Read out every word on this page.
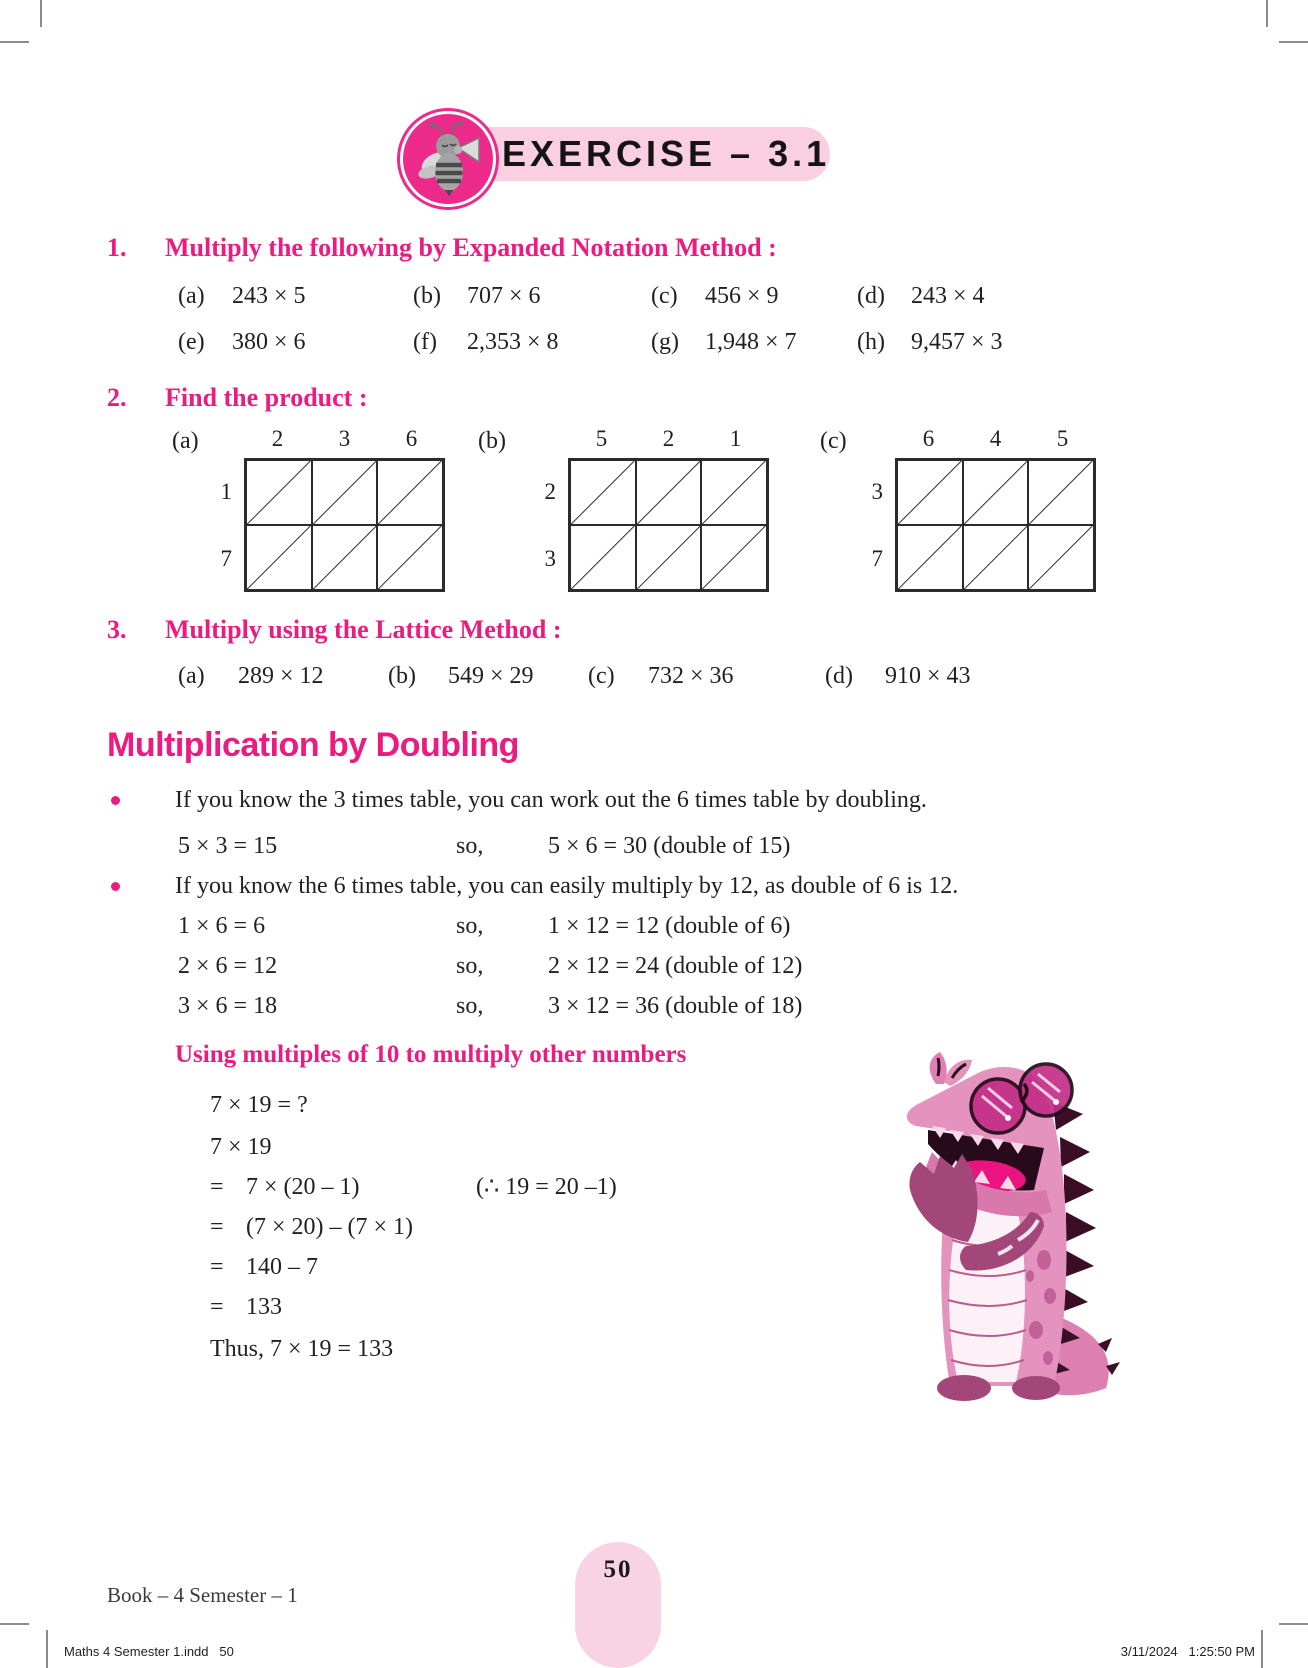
EXERCISE – 3.1
1.	Multiply the following by Expanded Notation Method :
(a) 243 × 5	(b) 707 × 6	(c) 456 × 9	(d) 243 × 4
(e) 380 × 6	(f) 2,353 × 8	(g) 1,948 × 7	(h) 9,457 × 3
2.	Find the product :
(a)	2	3	6
1
7
(b)	5	2	1
2
3
(c)	6	4	5
3
7
3.	Multiply using the Lattice Method :
(a) 289 × 12	(b) 549 × 29	(c) 732 × 36	(d) 910 × 43
Multiplication by Doubling
If you know the 3 times table, you can work out the 6 times table by doubling.
5 × 3 = 15	so,	5 × 6 = 30 (double of 15)
If you know the 6 times table, you can easily multiply by 12, as double of 6 is 12.
1 × 6 = 6	so,	1 × 12 = 12 (double of 6)
2 × 6 = 12	so,	2 × 12 = 24 (double of 12)
3 × 6 = 18	so,	3 × 12 = 36 (double of 18)
Using multiples of 10 to multiply other numbers
7 × 19 = ?
7 × 19
= 7 × (20 – 1)	(∴ 19 = 20 –1)
= (7 × 20) – (7 × 1)
= 140 – 7
= 133
Thus, 7 × 19 = 133
Book – 4 Semester – 1
50
Maths 4 Semester 1.indd   50	3/11/2024   1:25:50 PM
